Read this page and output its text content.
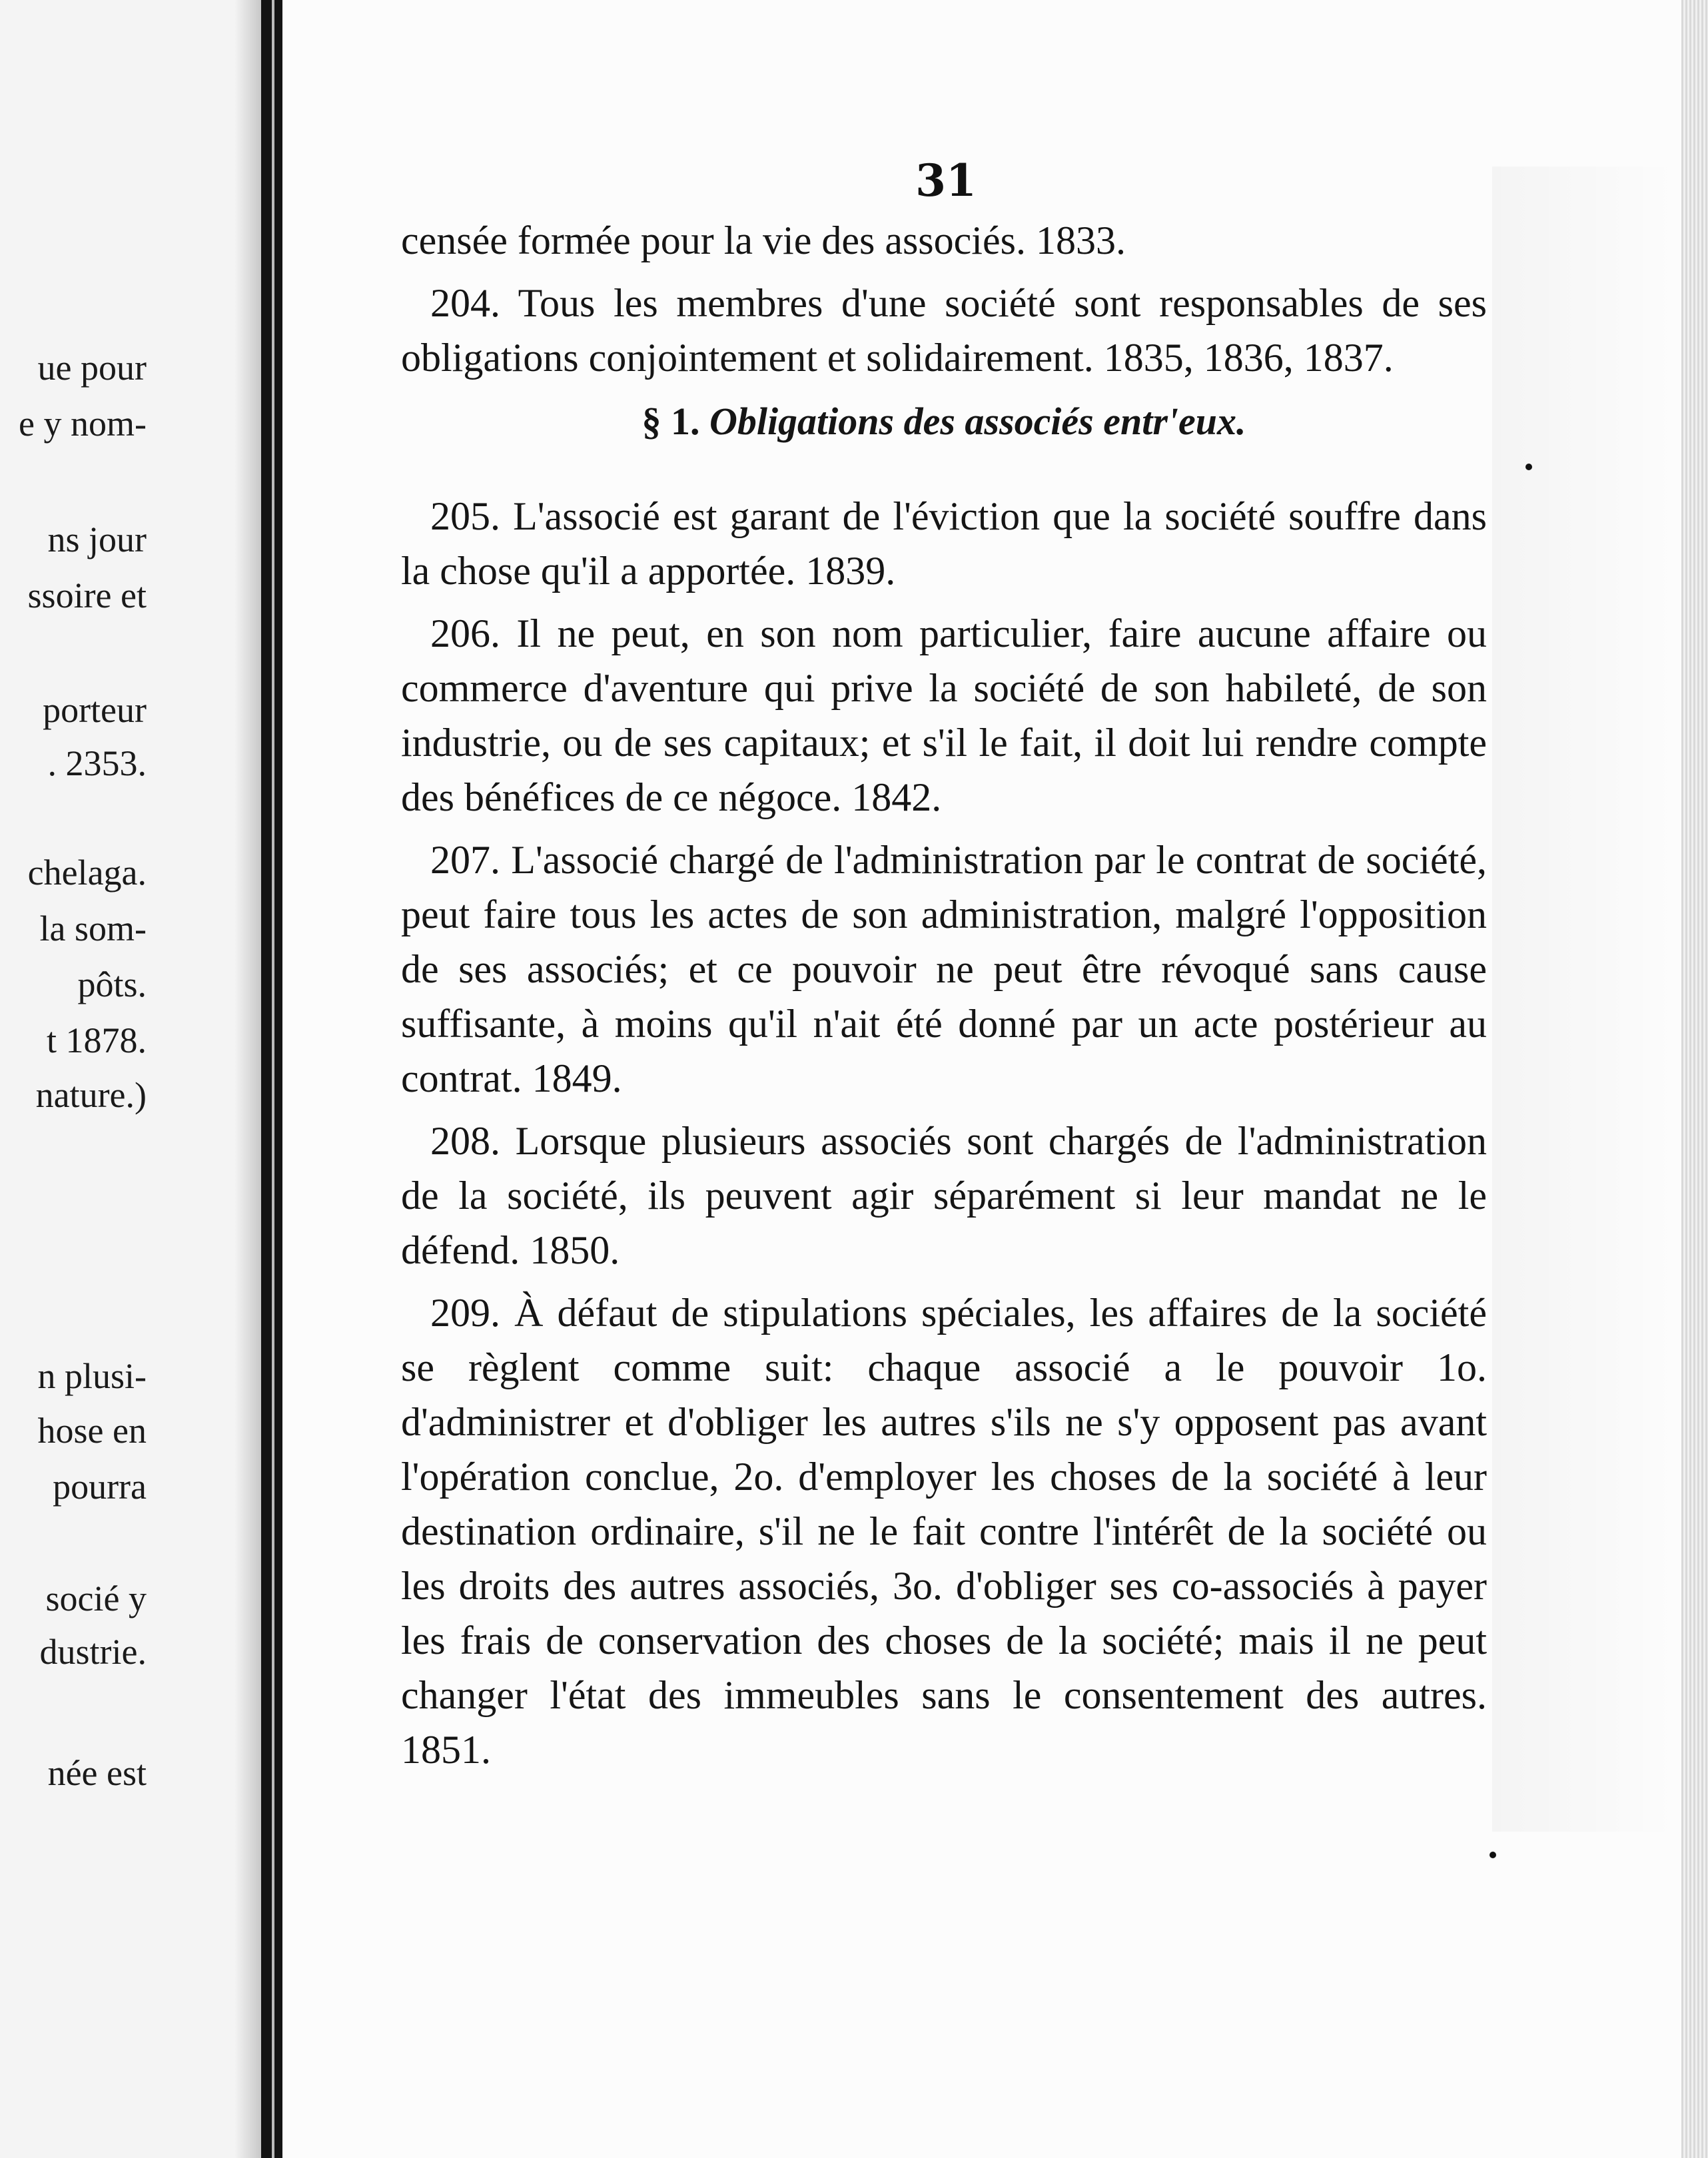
ue pour
e y nom-
ns jour
ssoire et
porteur
. 2353.
chelaga.
la som-
pôts.
t 1878.
nature.)
n plusi-
hose en
pourra
socié y
dustrie.
née est
31

censée formée pour la vie des associés. 1833.

204. Tous les membres d'une société sont responsables de ses obligations conjointement et solidairement. 1835, 1836, 1837.

§ 1. Obligations des associés entr'eux.

205. L'associé est garant de l'éviction que la société souffre dans la chose qu'il a apportée. 1839.

206. Il ne peut, en son nom particulier, faire aucune affaire ou commerce d'aventure qui prive la société de son habileté, de son industrie, ou de ses capitaux; et s'il le fait, il doit lui rendre compte des bénéfices de ce négoce. 1842.

207. L'associé chargé de l'administration par le contrat de société, peut faire tous les actes de son administration, malgré l'opposition de ses associés; et ce pouvoir ne peut être révoqué sans cause suffisante, à moins qu'il n'ait été donné par un acte postérieur au contrat. 1849.

208. Lorsque plusieurs associés sont chargés de l'administration de la société, ils peuvent agir séparément si leur mandat ne le défend. 1850.

209. À défaut de stipulations spéciales, les affaires de la société se règlent comme suit: chaque associé a le pouvoir 1o. d'administrer et d'obliger les autres s'ils ne s'y opposent pas avant l'opération conclue, 2o. d'employer les choses de la société à leur destination ordinaire, s'il ne le fait contre l'intérêt de la société ou les droits des autres associés, 3o. d'obliger ses co-associés à payer les frais de conservation des choses de la société; mais il ne peut changer l'état des immeubles sans le consentement des autres. 1851.
